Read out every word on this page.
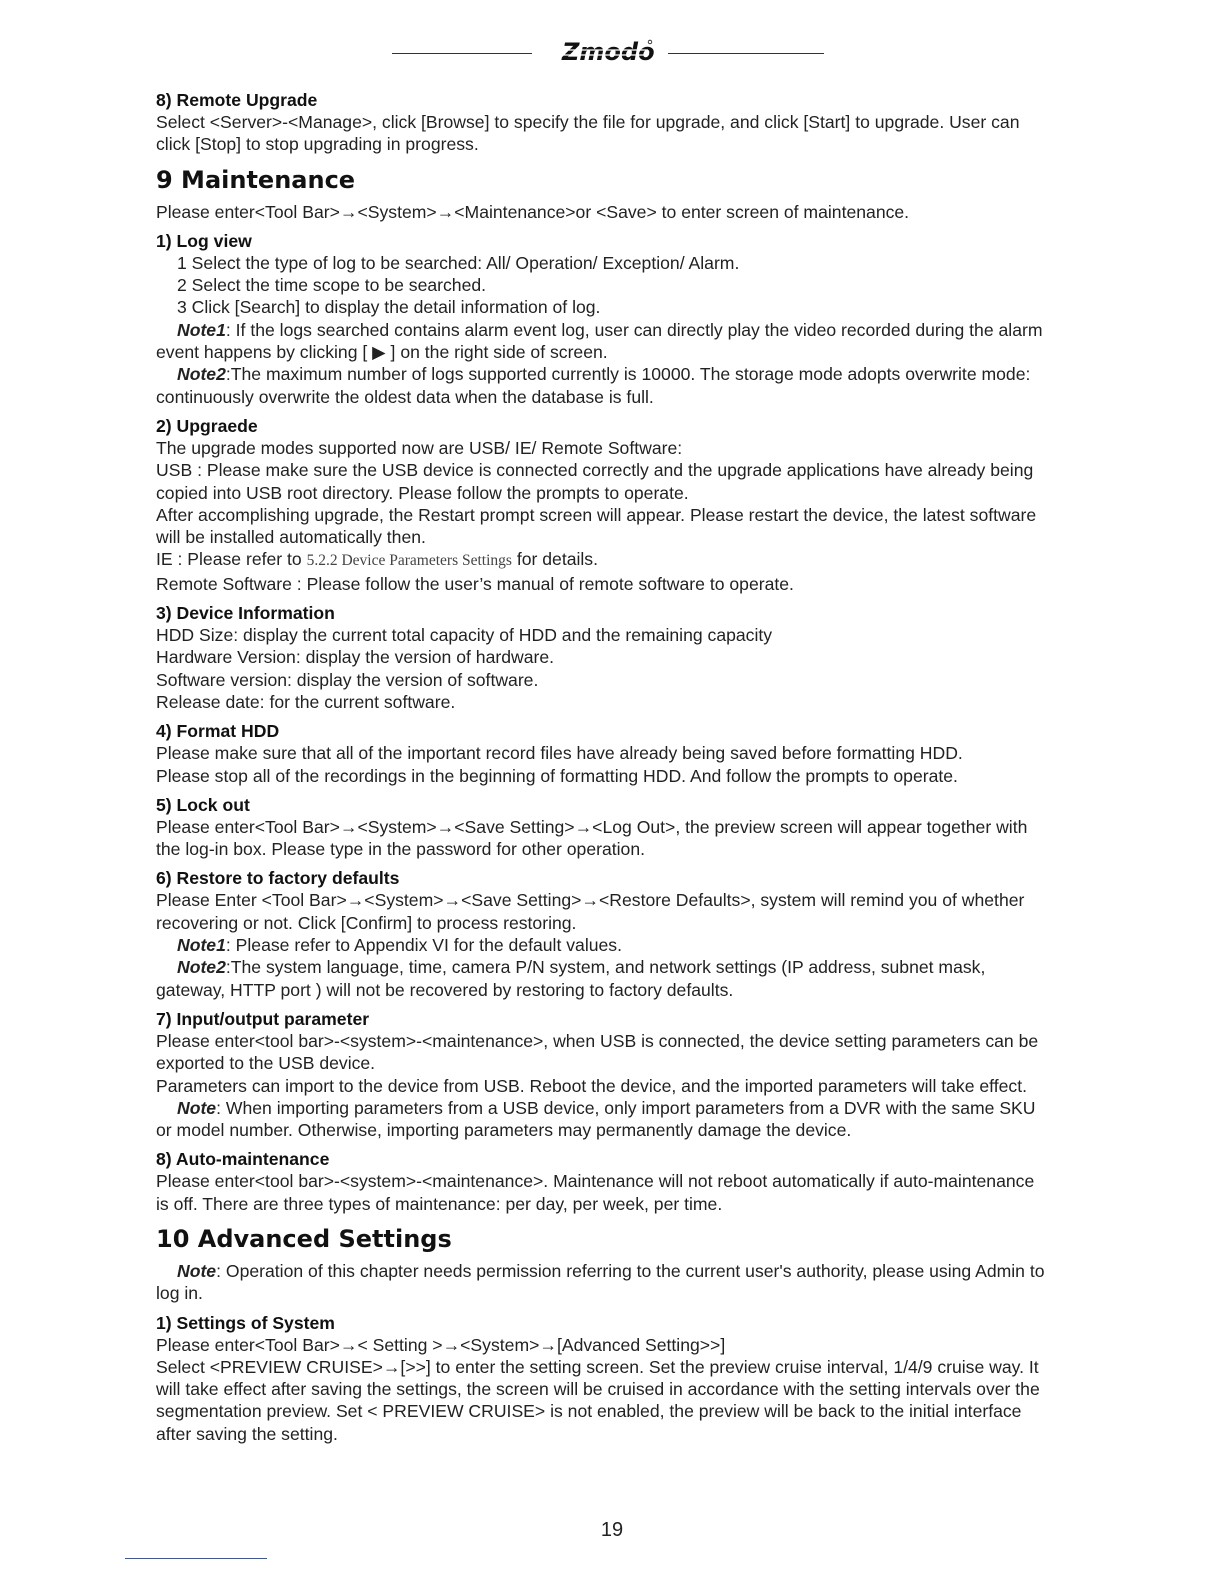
Zmodo
8) Remote Upgrade

Select <Server>-<Manage>, click [Browse] to specify the file for upgrade, and click [Start] to upgrade. User can click [Stop] to stop upgrading in progress.

9 Maintenance

Please enter<Tool Bar>→<System>→<Maintenance>or <Save> to enter screen of maintenance.

1) Log view

1 Select the type of log to be searched: All/ Operation/ Exception/ Alarm.

2 Select the time scope to be searched.

3 Click [Search] to display the detail information of log.

Note1: If the logs searched contains alarm event log, user can directly play the video recorded during the alarm event happens by clicking [ ▶ ] on the right side of screen.

Note2:The maximum number of logs supported currently is 10000. The storage mode adopts overwrite mode: continuously overwrite the oldest data when the database is full.

2) Upgraede

The upgrade modes supported now are USB/ IE/ Remote Software:

USB : Please make sure the USB device is connected correctly and the upgrade applications have already being copied into USB root directory. Please follow the prompts to operate.

After accomplishing upgrade, the Restart prompt screen will appear. Please restart the device, the latest software will be installed automatically then.

IE : Please refer to 5.2.2 Device Parameters Settings for details.

Remote Software : Please follow the user’s manual of remote software to operate.

3) Device Information

HDD Size: display the current total capacity of HDD and the remaining capacity

Hardware Version: display the version of hardware.

Software version: display the version of software.

Release date: for the current software.

4) Format HDD

Please make sure that all of the important record files have already being saved before formatting HDD.

Please stop all of the recordings in the beginning of formatting HDD. And follow the prompts to operate.

5) Lock out

Please enter<Tool Bar>→<System>→<Save Setting>→<Log Out>, the preview screen will appear together with the log-in box. Please type in the password for other operation.

6) Restore to factory defaults

Please Enter <Tool Bar>→<System>→<Save Setting>→<Restore Defaults>, system will remind you of whether recovering or not. Click [Confirm] to process restoring.

Note1: Please refer to Appendix VI for the default values.

Note2:The system language, time, camera P/N system, and network settings (IP address, subnet mask, gateway, HTTP port ) will not be recovered by restoring to factory defaults.

7) Input/output parameter

Please enter<tool bar>-<system>-<maintenance>, when USB is connected, the device setting parameters can be exported to the USB device.

Parameters can import to the device from USB. Reboot the device, and the imported parameters will take effect.

Note: When importing parameters from a USB device, only import parameters from a DVR with the same SKU or model number. Otherwise, importing parameters may permanently damage the device.

8) Auto-maintenance

Please enter<tool bar>-<system>-<maintenance>. Maintenance will not reboot automatically if auto-maintenance is off. There are three types of maintenance: per day, per week, per time.

10 Advanced Settings

Note: Operation of this chapter needs permission referring to the current user's authority, please using Admin to log in.

1) Settings of System

Please enter<Tool Bar>→< Setting >→<System>→[Advanced Setting>>]

Select <PREVIEW CRUISE>→[>>] to enter the setting screen. Set the preview cruise interval, 1/4/9 cruise way. It will take effect after saving the settings, the screen will be cruised in accordance with the setting intervals over the segmentation preview. Set < PREVIEW CRUISE> is not enabled, the preview will be back to the initial interface after saving the setting.

19
